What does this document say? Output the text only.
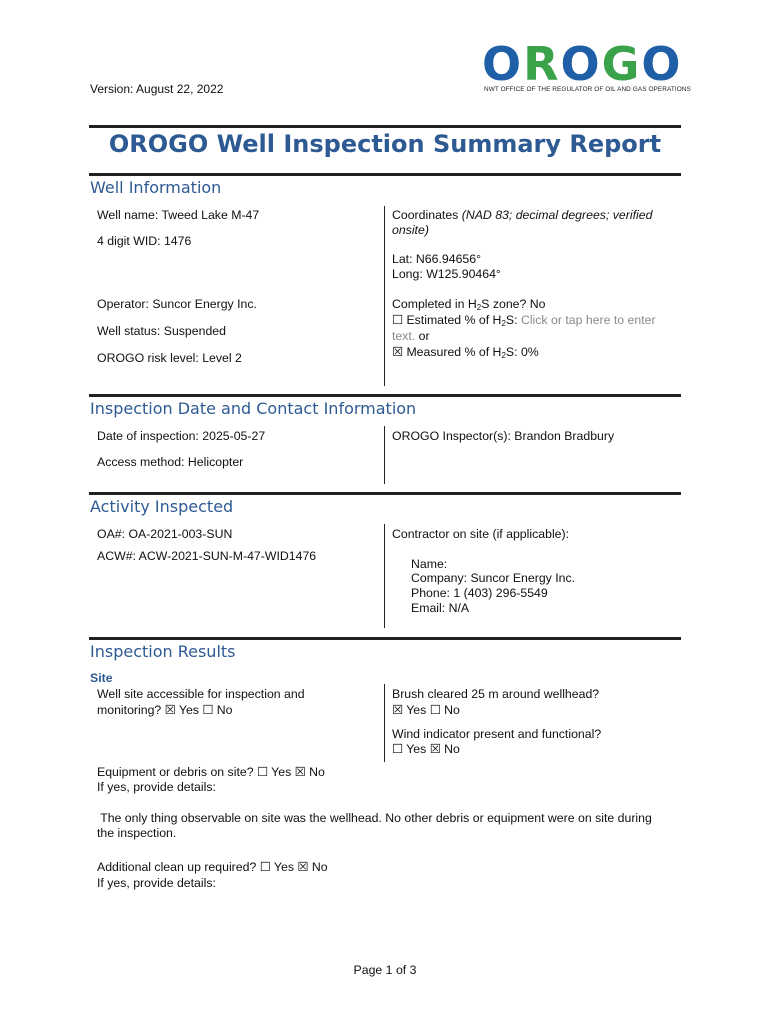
Version: August 22, 2022	OROGO
NWT OFFICE OF THE REGULATOR OF OIL AND GAS OPERATIONS
OROGO Well Inspection Summary Report
Well Information
Well name: Tweed Lake M-47
4 digit WID: 1476
Coordinates (NAD 83; decimal degrees; verified
onsite)
Lat: N66.94656°
Long: W125.90464°
Operator: Suncor Energy Inc.
Well status: Suspended
OROGO risk level: Level 2
Completed in $H_2S$ zone? No
☐ Estimated % of $H_2S$: Click or tap here to enter
text. or
☒ Measured % of $H_2S$: 0%
Inspection Date and Contact Information
Date of inspection: 2025-05-27	OROGO Inspector(s): Brandon Bradbury
Access method: Helicopter
Activity Inspected
OA#: OA-2021-003-SUN
ACW#: ACW-2021-SUN-M-47-WID1476
Contractor on site (if applicable):
Name:
Company: Suncor Energy Inc.
Phone: 1 (403) 296-5549
Email: N/A
Inspection Results
Site
Well site accessible for inspection and
monitoring? ☒ Yes ☐ No
Brush cleared 25 m around wellhead?
☒ Yes ☐ No
Wind indicator present and functional?
☐ Yes ☒ No
Equipment or debris on site? ☐ Yes ☒ No
If yes, provide details:
The only thing observable on site was the wellhead. No other debris or equipment were on site during
the inspection.
Additional clean up required? ☐ Yes ☒ No
If yes, provide details:
Page 1 of 3
